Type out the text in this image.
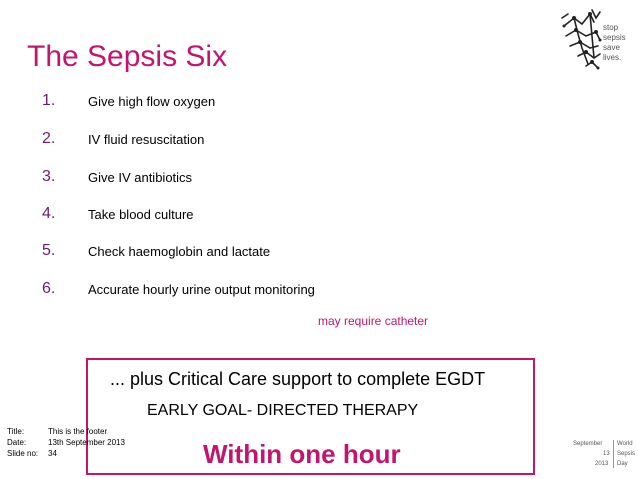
The Sepsis Six
stop
sepsis
save
lives.
1.	Give high flow oxygen
2.	IV fluid resuscitation
3.	Give IV antibiotics
4.	Take blood culture
5.	Check haemoglobin and lactate
6.	Accurate hourly urine output monitoring
may require catheter
... plus Critical Care support to complete EGDT
EARLY GOAL- DIRECTED THERAPY
Within one hour
Title:	This is the footer
Date:	13th September 2013
Slide no: 34
September World
13 Sepsis
2013 Day
